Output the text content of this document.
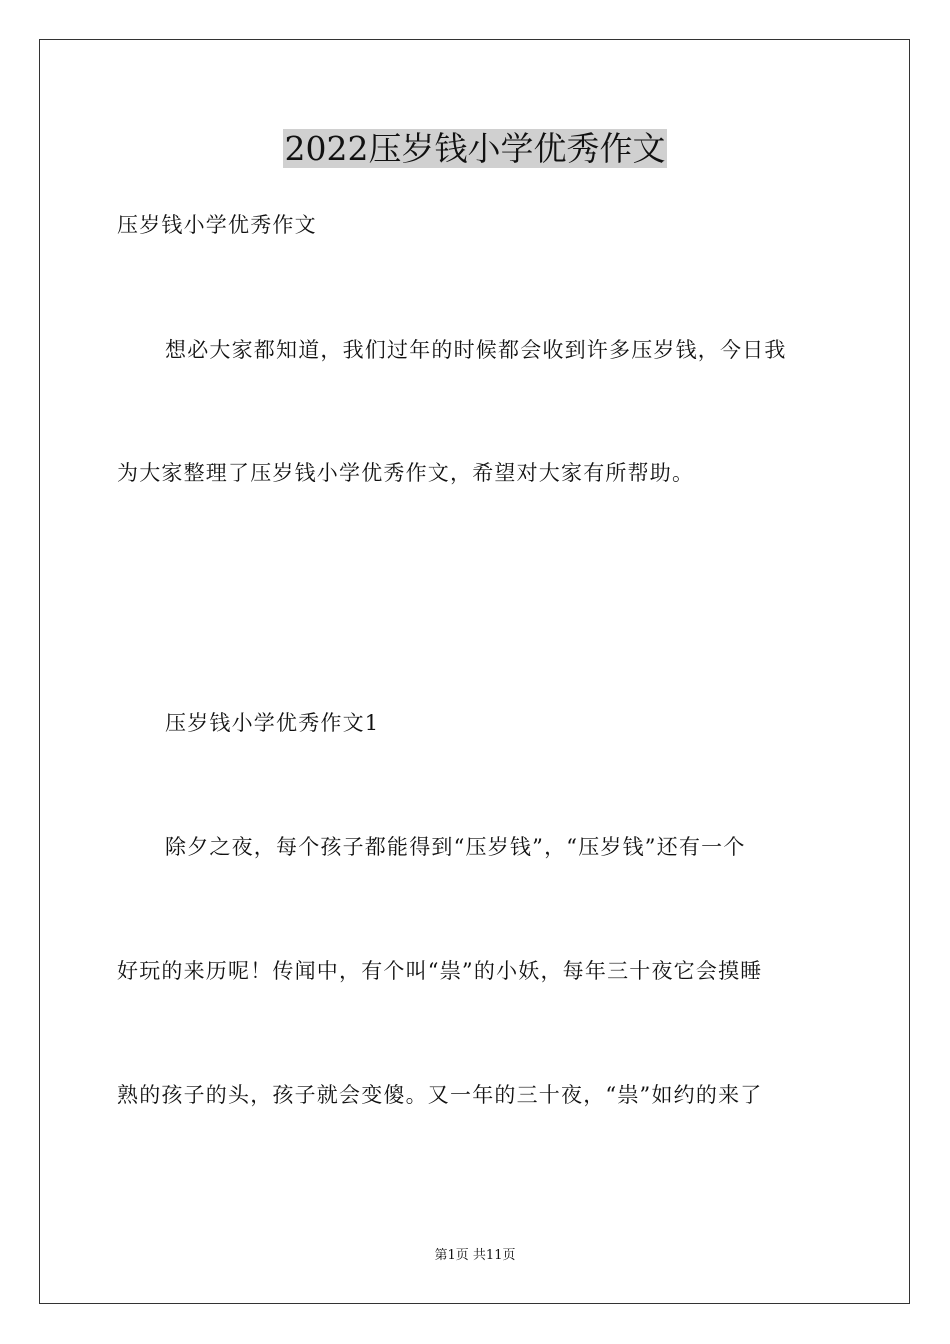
2022压岁钱小学优秀作文
压岁钱小学优秀作文
想必大家都知道，我们过年的时候都会收到许多压岁钱，今日我
为大家整理了压岁钱小学优秀作文，希望对大家有所帮助。
压岁钱小学优秀作文1
除夕之夜，每个孩子都能得到“压岁钱”，“压岁钱”还有一个
好玩的来历呢！传闻中，有个叫“祟”的小妖，每年三十夜它会摸睡
熟的孩子的头，孩子就会变傻。又一年的三十夜，“祟”如约的来了
第1页 共11页
